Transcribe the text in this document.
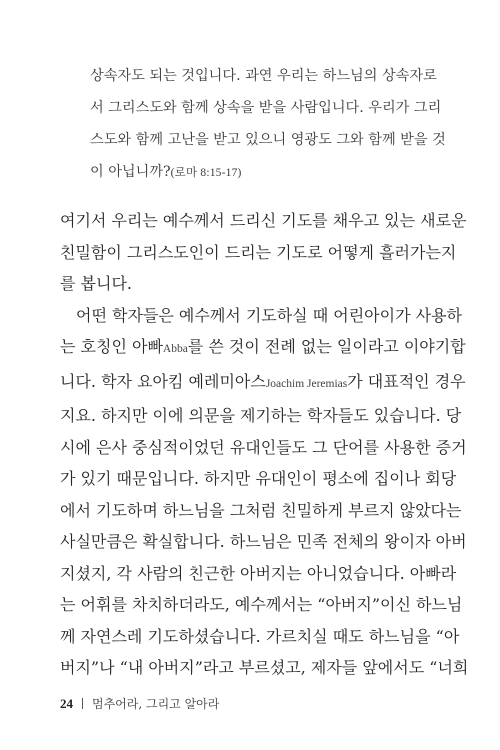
상속자도 되는 것입니다. 과연 우리는 하느님의 상속자로
서 그리스도와 함께 상속을 받을 사람입니다. 우리가 그리
스도와 함께 고난을 받고 있으니 영광도 그와 함께 받을 것
이 아닙니까?(로마 8:15-17)
여기서 우리는 예수께서 드리신 기도를 채우고 있는 새로운
친밀함이 그리스도인이 드리는 기도로 어떻게 흘러가는지
를 봅니다.
어떤 학자들은 예수께서 기도하실 때 어린아이가 사용하
는 호칭인 아빠Abba를 쓴 것이 전례 없는 일이라고 이야기합
니다. 학자 요아킴 예레미아스Joachim Jeremias가 대표적인 경우
지요. 하지만 이에 의문을 제기하는 학자들도 있습니다. 당
시에 은사 중심적이었던 유대인들도 그 단어를 사용한 증거
가 있기 때문입니다. 하지만 유대인이 평소에 집이나 회당
에서 기도하며 하느님을 그처럼 친밀하게 부르지 않았다는
사실만큼은 확실합니다. 하느님은 민족 전체의 왕이자 아버
지셨지, 각 사람의 친근한 아버지는 아니었습니다. 아빠라
는 어휘를 차치하더라도, 예수께서는 “아버지”이신 하느님
께 자연스레 기도하셨습니다. 가르치실 때도 하느님을 “아
버지”나 “내 아버지”라고 부르셨고, 제자들 앞에서도 “너희
24 멈추어라, 그리고 알아라
